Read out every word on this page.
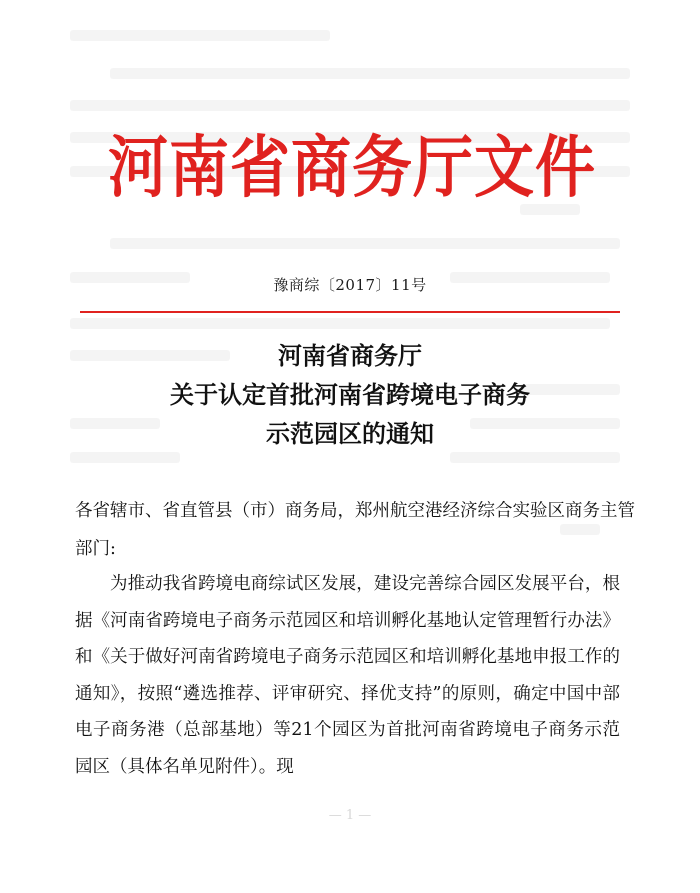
河南省商务厅文件
豫商综〔2017〕11号
河南省商务厅
关于认定首批河南省跨境电子商务
示范园区的通知

各省辖市、省直管县（市）商务局，郑州航空港经济综合实验区商务主管部门:

为推动我省跨境电商综试区发展，建设完善综合园区发展平台，根据《河南省跨境电子商务示范园区和培训孵化基地认定管理暂行办法》和《关于做好河南省跨境电子商务示范园区和培训孵化基地申报工作的通知》，按照“遴选推荐、评审研究、择优支持”的原则，确定中国中部电子商务港（总部基地）等21个园区为首批河南省跨境电子商务示范园区（具体名单见附件）。现

— 1 —
